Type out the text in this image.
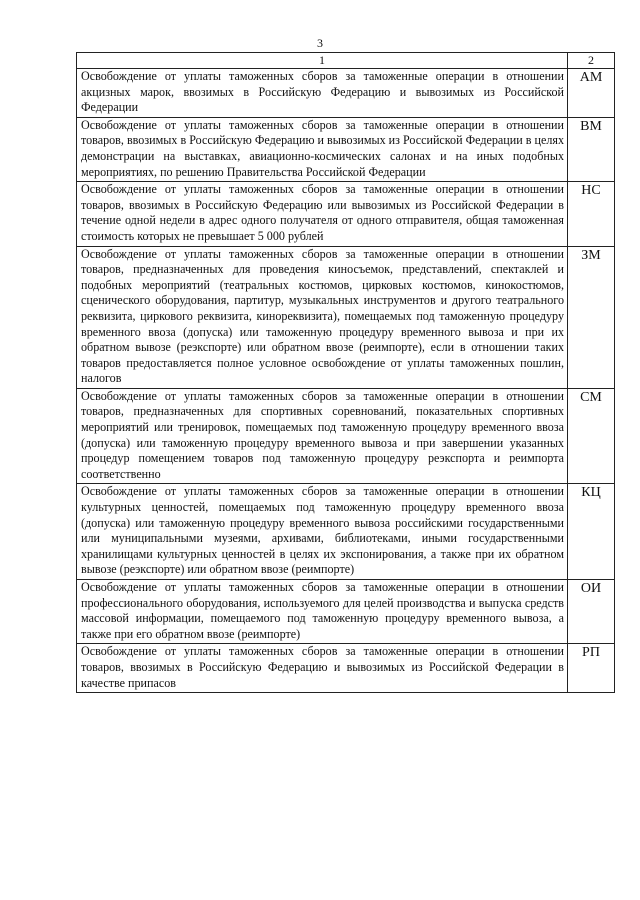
3
1	2
Освобождение от уплаты таможенных сборов за таможенные операции в отношении акцизных марок, ввозимых в Российскую Федерацию и вывозимых из Российской Федерации	АМ
Освобождение от уплаты таможенных сборов за таможенные операции в отношении товаров, ввозимых в Российскую Федерацию и вывозимых из Российской Федерации в целях демонстрации на выставках, авиационно-космических салонах и на иных подобных мероприятиях, по решению Правительства Российской Федерации	ВМ
Освобождение от уплаты таможенных сборов за таможенные операции в отношении товаров, ввозимых в Российскую Федерацию или вывозимых из Российской Федерации в течение одной недели в адрес одного получателя от одного отправителя, общая таможенная стоимость которых не превышает 5 000 рублей	НС
Освобождение от уплаты таможенных сборов за таможенные операции в отношении товаров, предназначенных для проведения киносъемок, представлений, спектаклей и подобных мероприятий (театральных костюмов, цирковых костюмов, кинокостюмов, сценического оборудования, партитур, музыкальных инструментов и другого театрального реквизита, циркового реквизита, кинореквизита), помещаемых под таможенную процедуру временного ввоза (допуска) или таможенную процедуру временного вывоза и при их обратном вывозе (реэкспорте) или обратном ввозе (реимпорте), если в отношении таких товаров предоставляется полное условное освобождение от уплаты таможенных пошлин, налогов	ЗМ
Освобождение от уплаты таможенных сборов за таможенные операции в отношении товаров, предназначенных для спортивных соревнований, показательных спортивных мероприятий или тренировок, помещаемых под таможенную процедуру временного ввоза (допуска) или таможенную процедуру временного вывоза и при завершении указанных процедур помещением товаров под таможенную процедуру реэкспорта и реимпорта соответственно	СМ
Освобождение от уплаты таможенных сборов за таможенные операции в отношении культурных ценностей, помещаемых под таможенную процедуру временного ввоза (допуска) или таможенную процедуру временного вывоза российскими государственными или муниципальными музеями, архивами, библиотеками, иными государственными хранилищами культурных ценностей в целях их экспонирования, а также при их обратном вывозе (реэкспорте) или обратном ввозе (реимпорте)	КЦ
Освобождение от уплаты таможенных сборов за таможенные операции в отношении профессионального оборудования, используемого для целей производства и выпуска средств массовой информации, помещаемого под таможенную процедуру временного вывоза, а также при его обратном ввозе (реимпорте)	ОИ
Освобождение от уплаты таможенных сборов за таможенные операции в отношении товаров, ввозимых в Российскую Федерацию и вывозимых из Российской Федерации в качестве припасов	РП
